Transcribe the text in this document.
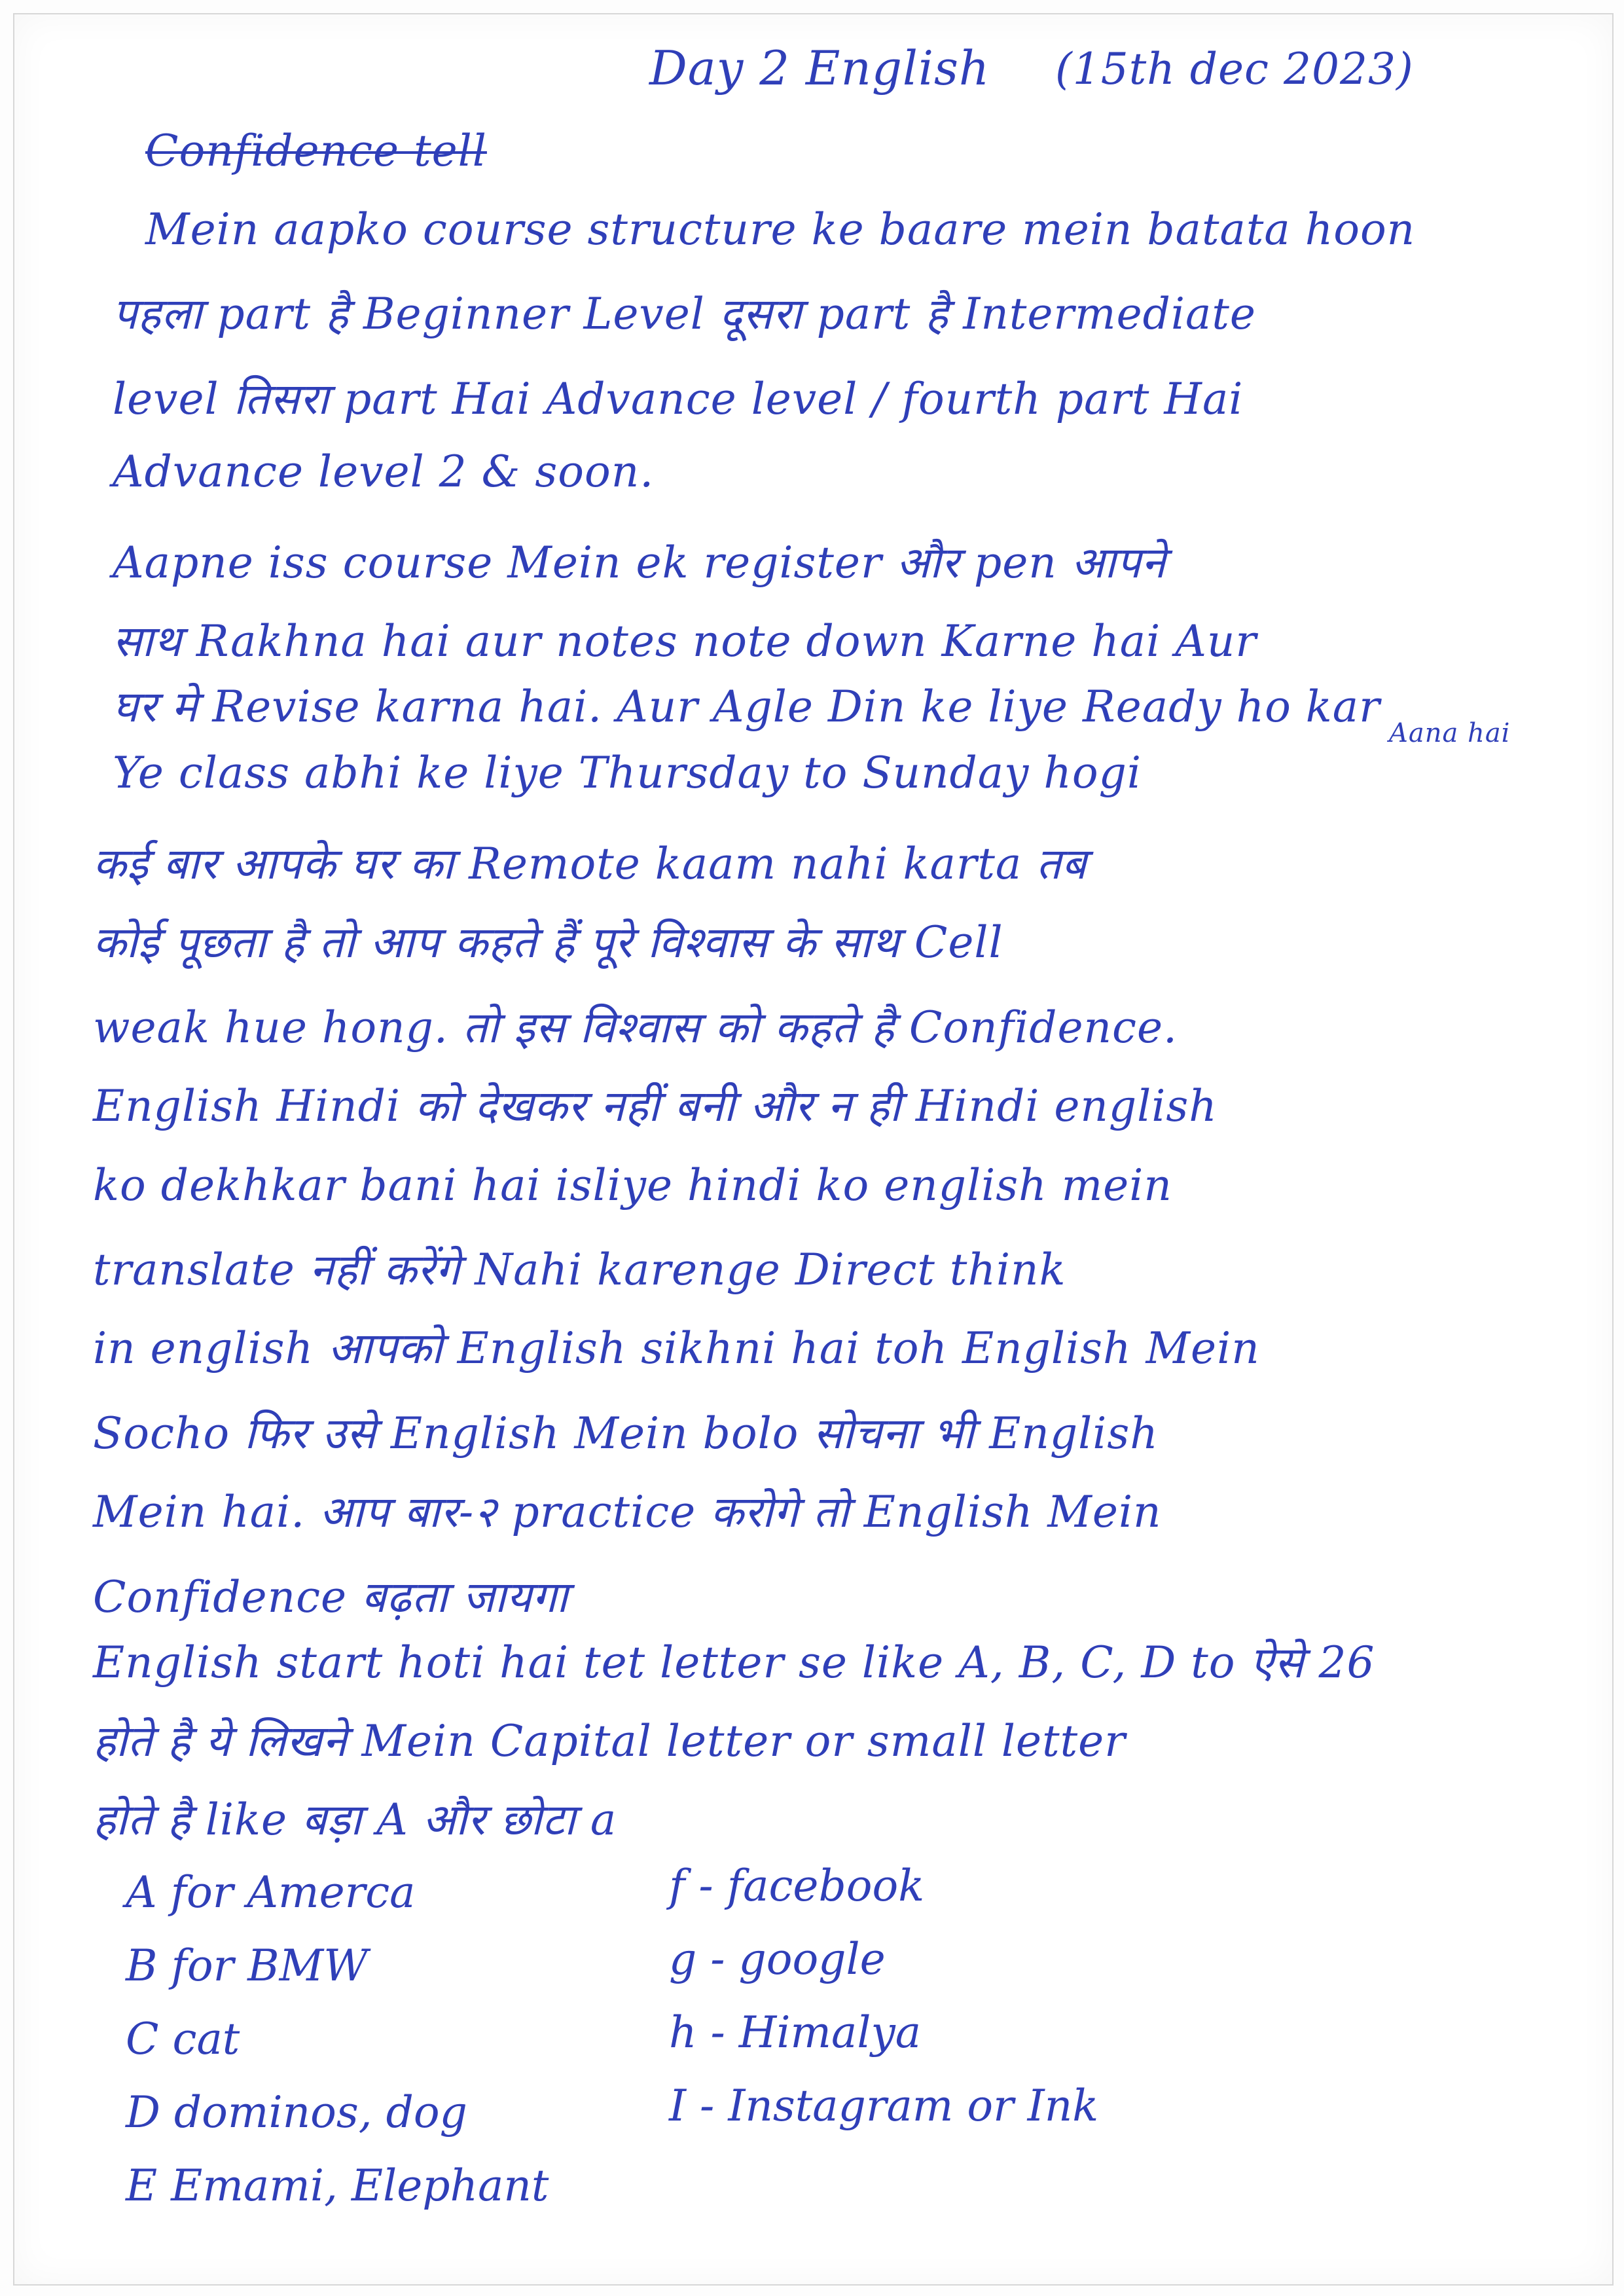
Day 2 English (15th dec 2023)
Confidence tell
Mein aapko course structure ke baare mein batata hoon
पहला part है Beginner Level दूसरा part है Intermediate
level तिसरा part Hai Advance level / fourth part Hai
Advance level 2 & soon.
Aapne iss course Mein ek register और pen आपने
साथ Rakhna hai aur notes note down Karne hai Aur
घर मे Revise karna hai. Aur Agle Din ke liye Ready ho kar
Aana hai
Ye class abhi ke liye Thursday to Sunday hogi
कई बार आपके घर का Remote kaam nahi karta तब
कोई पूछता है तो आप कहते हैं पूरे विश्वास के साथ Cell
weak hue hong. तो इस विश्वास को कहते है Confidence.
English Hindi को देखकर नहीं बनी और न ही Hindi english
ko dekhkar bani hai isliye hindi ko english mein
translate नहीं करेंगे Nahi karenge Direct think
in english आपको English sikhni hai toh English Mein
Socho फिर उसे English Mein bolo सोचना भी English
Mein hai. आप बार-२ practice करोगे तो English Mein
Confidence बढ़ता जायगा
English start hoti hai tet letter se like A, B, C, D to ऐसे 26
होते है ये लिखने Mein Capital letter or small letter
होते है like बड़ा A और छोटा a
A for Amerca
B for BMW
C cat
D dominos, dog
E Emami, Elephant
f - facebook
g - google
h - Himalya
I - Instagram or Ink
